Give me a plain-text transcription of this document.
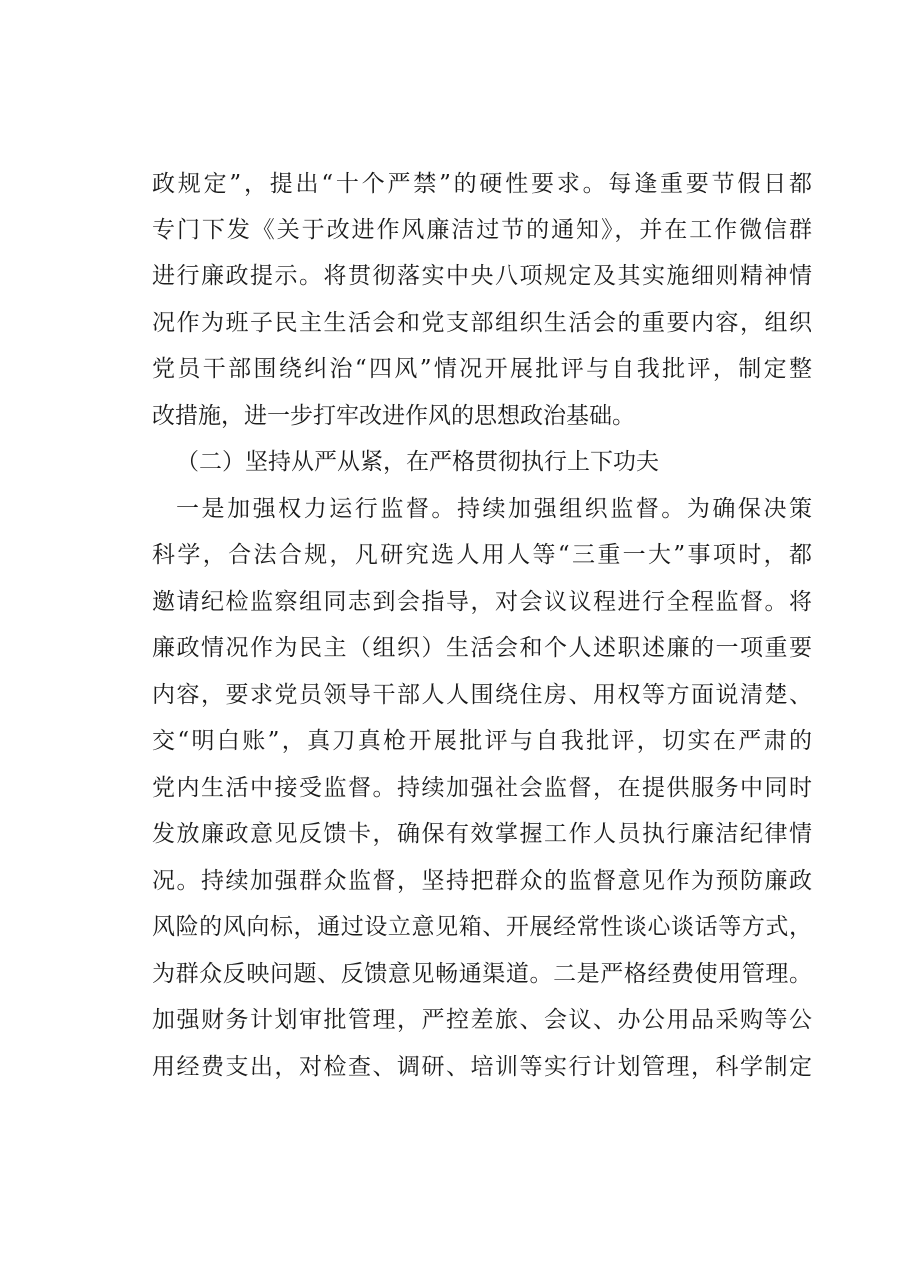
政规定”，提出“十个严禁”的硬性要求。每逢重要节假日都
专门下发《关于改进作风廉洁过节的通知》，并在工作微信群
进行廉政提示。将贯彻落实中央八项规定及其实施细则精神情
况作为班子民主生活会和党支部组织生活会的重要内容，组织
党员干部围绕纠治“四风”情况开展批评与自我批评，制定整
改措施，进一步打牢改进作风的思想政治基础。
（二）坚持从严从紧，在严格贯彻执行上下功夫
一是加强权力运行监督。持续加强组织监督。为确保决策
科学，合法合规，凡研究选人用人等“三重一大”事项时，都
邀请纪检监察组同志到会指导，对会议议程进行全程监督。将
廉政情况作为民主（组织）生活会和个人述职述廉的一项重要
内容，要求党员领导干部人人围绕住房、用权等方面说清楚、
交“明白账”，真刀真枪开展批评与自我批评，切实在严肃的
党内生活中接受监督。持续加强社会监督，在提供服务中同时
发放廉政意见反馈卡，确保有效掌握工作人员执行廉洁纪律情
况。持续加强群众监督，坚持把群众的监督意见作为预防廉政
风险的风向标，通过设立意见箱、开展经常性谈心谈话等方式，
为群众反映问题、反馈意见畅通渠道。二是严格经费使用管理。
加强财务计划审批管理，严控差旅、会议、办公用品采购等公
用经费支出，对检查、调研、培训等实行计划管理，科学制定
